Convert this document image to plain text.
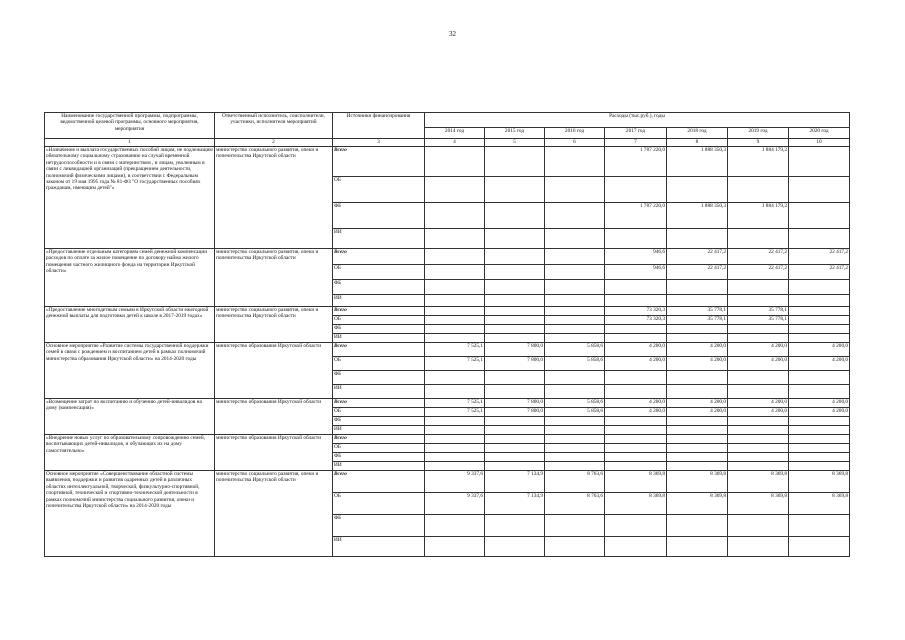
32
Наименование государственной программы, подпрограммы, ведомственной целевой программы, основного мероприятия, мероприятия	Ответственный исполнитель, соисполнители, участники, исполнители мероприятий	Источники финансирования	Расходы (тыс.руб.), годы						
			2014 год	2015 год	2016 год	2017 год	2018 год	2019 год	2020 год
1	2	3	4	5	6	7	8	9	10
«Назначение и выплата государственных пособий лицам, не подлежащим обязательному социальному страхованию на случай временной нетрудоспособности и в связи с материнством , и лицам, уволенным в связи с ликвидацией организаций (прекращением деятельности, полномочий физическими лицами), в соответствии с Федеральным законом от 19 мая 1995 года № 81-ФЗ "О государственных пособиях гражданам, имеющим детей"»	министерство социального развития, опеки и попечительства Иркутской области	Всего				1 787 220,0	1 888 350,3	1 884 179,2	
		ОБ							
		ФБ				1 787 220,0	1 888 350,3	1 884 179,2	
		ИИ							
«Предоставление отдельным категориям семей денежной компенсации расходов по оплате за жилое помещение по договору найма жилого помещения частного жилищного фонда на территории Иркутской области»	министерство социального развития, опеки и попечительства Иркутской области	Всего				946,6	22 417,2	22 417,2	22 417,2
		ОБ				946,6	22 417,2	22 417,2	22 417,2
		ФБ							
		ИИ							
«Предоставление многодетным семьям в Иркутской области ежегодной денежной выплаты для подготовки детей к школе в 2017-2019 годах»	министерство социального развития, опеки и попечительства Иркутской области	Всего				73 320,3	35 778,1	35 778,1	
		ОБ				73 320,3	35 778,1	35 778,1	
		ФБ							
		ИИ							
Основное мероприятие «Развитие системы государственной поддержки семей в связи с рождением и воспитанием детей в рамках полномочий министерства образования Иркутской области» на 2014-2020 годы	министерство образования Иркутской области	Всего	7 525,1	7 800,0	5 858,6	4 200,0	4 200,0	4 200,0	4 200,0
		ОБ	7 525,1	7 800,0	5 858,6	4 200,0	4 200,0	4 200,0	4 200,0
		ФБ							
		ИИ							
«Возмещение затрат по воспитанию и обучению детей-инвалидов на дому (компенсация)»	министерство образования Иркутской области	Всего	7 525,1	7 800,0	5 858,6	4 200,0	4 200,0	4 200,0	4 200,0
		ОБ	7 525,1	7 800,0	5 858,6	4 200,0	4 200,0	4 200,0	4 200,0
		ФБ							
		ИИ							
«Внедрение новых услуг по образовательному сопровождению семей, воспитывающих детей-инвалидов, и обучающих их на дому самостоятельно»	министерство образования Иркутской области	Всего							
		ОБ							
		ФБ							
		ИИ							
Основное мероприятие «Совершенствование областной системы выявления, поддержки и развития одаренных детей в различных областях интеллектуальной, творческой, физкультурно-спортивной, спортивной, технической и спортивно-технической деятельности в рамках полномочий министерства социального развития, опеки и попечительства Иркутской области» на 2014-2020 годы	министерство социального развития, опеки и попечительства Иркутской области	Всего	9 337,6	7 134,9	8 763,6	8 369,8	8 369,8	8 369,8	8 369,8
		ОБ	9 337,6	7 134,9	8 763,6	8 369,8	8 369,8	8 369,8	8 369,8
		ФБ							
		ИИ							
